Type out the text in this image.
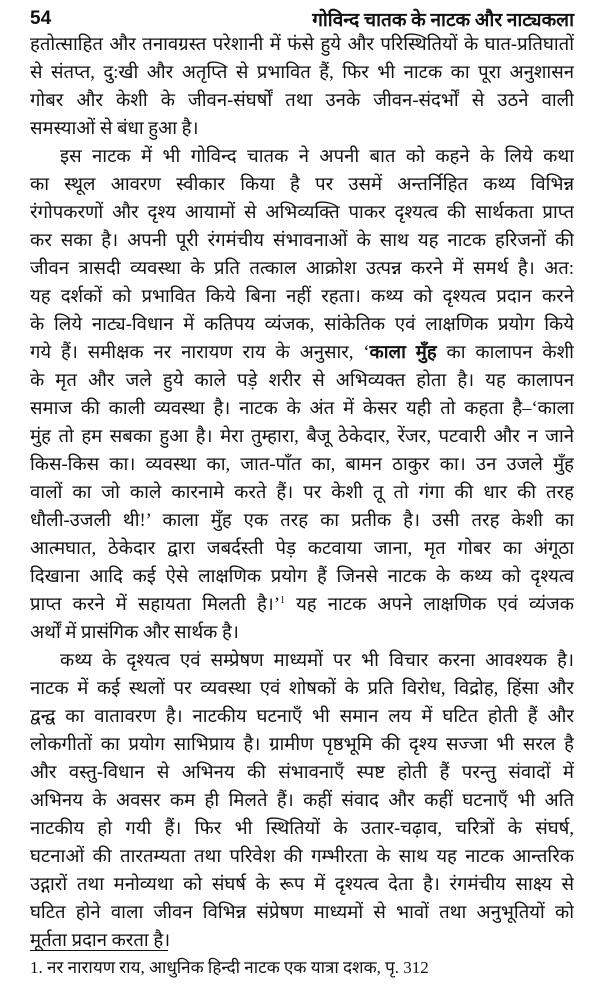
54	गोविन्द चातक के नाटक और नाट्यकला
हतोत्साहित और तनावग्रस्त परेशानी में फंसे हुये और परिस्थितियों के घात-प्रतिघातों
से संतप्त, दु:खी और अतृप्ति से प्रभावित हैं, फिर भी नाटक का पूरा अनुशासन
गोबर और केशी के जीवन-संघर्षों तथा उनके जीवन-संदर्भों से उठने वाली
समस्याओं से बंधा हुआ है।
इस नाटक में भी गोविन्द चातक ने अपनी बात को कहने के लिये कथा
का स्थूल आवरण स्वीकार किया है पर उसमें अन्तर्निहित कथ्य विभिन्न
रंगोपकरणों और दृश्य आयामों से अभिव्यक्ति पाकर दृश्यत्व की सार्थकता प्राप्त
कर सका है। अपनी पूरी रंगमंचीय संभावनाओं के साथ यह नाटक हरिजनों की
जीवन त्रासदी व्यवस्था के प्रति तत्काल आक्रोश उत्पन्न करने में समर्थ है। अत:
यह दर्शकों को प्रभावित किये बिना नहीं रहता। कथ्य को दृश्यत्व प्रदान करने
के लिये नाट्य-विधान में कतिपय व्यंजक, सांकेतिक एवं लाक्षणिक प्रयोग किये
गये हैं। समीक्षक नर नारायण राय के अनुसार, ‘काला मुँह का कालापन केशी
के मृत और जले हुये काले पड़े शरीर से अभिव्यक्त होता है। यह कालापन
समाज की काली व्यवस्था है। नाटक के अंत में केसर यही तो कहता है–‘काला
मुंह तो हम सबका हुआ है। मेरा तुम्हारा, बैजू ठेकेदार, रेंजर, पटवारी और न जाने
किस-किस का। व्यवस्था का, जात-पाँत का, बामन ठाकुर का। उन उजले मुँह
वालों का जो काले कारनामे करते हैं। पर केशी तू तो गंगा की धार की तरह
धौली-उजली थी!’ काला मुँह एक तरह का प्रतीक है। उसी तरह केशी का
आत्मघात, ठेकेदार द्वारा जबर्दस्ती पेड़ कटवाया जाना, मृत गोबर का अंगूठा
दिखाना आदि कई ऐसे लाक्षणिक प्रयोग हैं जिनसे नाटक के कथ्य को दृश्यत्व
प्राप्त करने में सहायता मिलती है।’$^1$ यह नाटक अपने लाक्षणिक एवं व्यंजक
अर्थों में प्रासंगिक और सार्थक है।
कथ्य के दृश्यत्व एवं सम्प्रेषण माध्यमों पर भी विचार करना आवश्यक है।
नाटक में कई स्थलों पर व्यवस्था एवं शोषकों के प्रति विरोध, विद्रोह, हिंसा और
द्वन्द्व का वातावरण है। नाटकीय घटनाएँ भी समान लय में घटित होती हैं और
लोकगीतों का प्रयोग साभिप्राय है। ग्रामीण पृष्ठभूमि की दृश्य सज्जा भी सरल है
और वस्तु-विधान से अभिनय की संभावनाएँ स्पष्ट होती हैं परन्तु संवादों में
अभिनय के अवसर कम ही मिलते हैं। कहीं संवाद और कहीं घटनाएँ भी अति
नाटकीय हो गयी हैं। फिर भी स्थितियों के उतार-चढ़ाव, चरित्रों के संघर्ष,
घटनाओं की तारतम्यता तथा परिवेश की गम्भीरता के साथ यह नाटक आन्तरिक
उद्गारों तथा मनोव्यथा को संघर्ष के रूप में दृश्यत्व देता है। रंगमंचीय साक्ष्य से
घटित होने वाला जीवन विभिन्न संप्रेषण माध्यमों से भावों तथा अनुभूतियों को
मूर्तता प्रदान करता है।
1. नर नारायण राय, आधुनिक हिन्दी नाटक एक यात्रा दशक, पृ. 312
